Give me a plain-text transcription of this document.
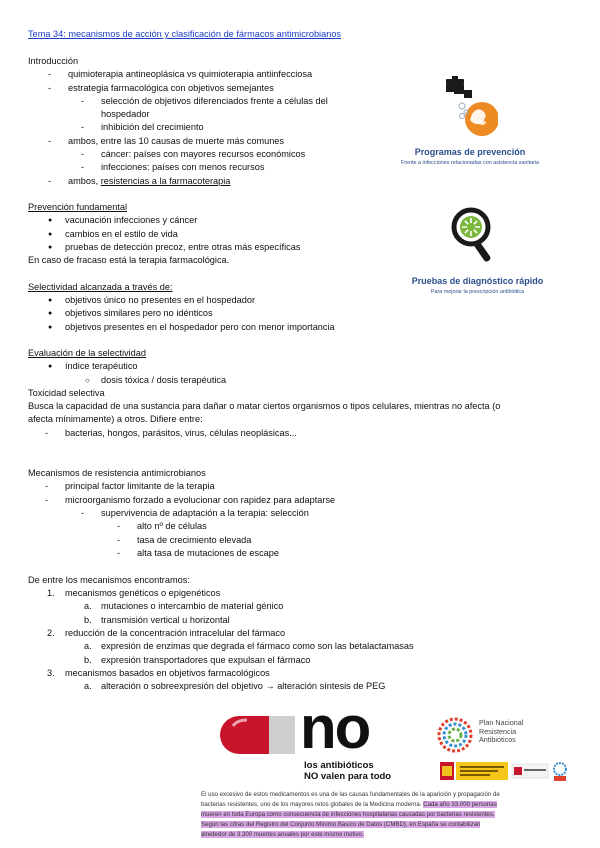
Tema 34: mecanismos de acción y clasificación de fármacos antimicrobianos
Introducción
- quimioterapia antineoplásica vs quimioterapia antiinfecciosa
- estrategia farmacológica con objetivos semejantes
- selección de objetivos diferenciados frente a células del
hospedador
- inhibición del crecimiento
- ambos, entre las 10 causas de muerte más comunes
- cáncer: países con mayores recursos económicos
- infecciones: países con menos recursos
- ambos, resistencias a la farmacoterapia
Prevención fundamental
● vacunación infecciones y cáncer
● cambios en el estilo de vida
● pruebas de detección precoz, entre otras más específicas
En caso de fracaso está la terapia farmacológica.
Selectividad alcanzada a través de:
● objetivos único no presentes en el hospedador
● objetivos similares pero no idénticos
● objetivos presentes en el hospedador pero con menor importancia
Evaluación de la selectividad
● índice terapéutico
○ dosis tóxica / dosis terapéutica
Toxicidad selectiva
Busca la capacidad de una sustancia para dañar o matar ciertos organismos o tipos celulares, mientras no afecta (o
afecta mínimamente) a otros. Difiere entre:
- bacterias, hongos, parásitos, virus, células neoplásicas...
Mecanismos de resistencia antimicrobianos
- principal factor limitante de la terapia
- microorganismo forzado a evolucionar con rapidez para adaptarse
- supervivencia de adaptación a la terapia: selección
- alto nº de células
- tasa de crecimiento elevada
- alta tasa de mutaciones de escape
De entre los mecanismos encontramos:
1. mecanismos genéticos o epigenéticos
a. mutaciones o intercambio de material génico
b. transmisión vertical u horizontal
2. reducción de la concentración intracelular del fármaco
a. expresión de enzimas que degrada el fármaco como son las betalactamasas
b. expresión transportadores que expulsan el fármaco
3. mecanismos basados en objetivos farmacológicos
a. alteración o sobreexpresión del objetivo → alteración síntesis de PEG
Programas de prevención
Frente a infecciones relacionadas con asistencia sanitaria
Pruebas de diagnóstico rápido
Para mejorar la prescripción antibiótica
no
los antibióticos
NO valen para todo
Plan Nacional
Resistencia
Antibióticos
El uso excesivo de estos medicamentos es una de las causas fundamentales de la aparición y propagación de
bacterias resistentes, uno de los mayores retos globales de la Medicina moderna. Cada año 33.000 personas
mueren en toda Europa como consecuencia de infecciones hospitalarias causadas por bacterias resistentes.
Según las cifras del Registro del Conjunto Mínimo Básico de Datos (CMBD), en España se contabilizan
alrededor de 3.300 muertes anuales por este mismo motivo.
